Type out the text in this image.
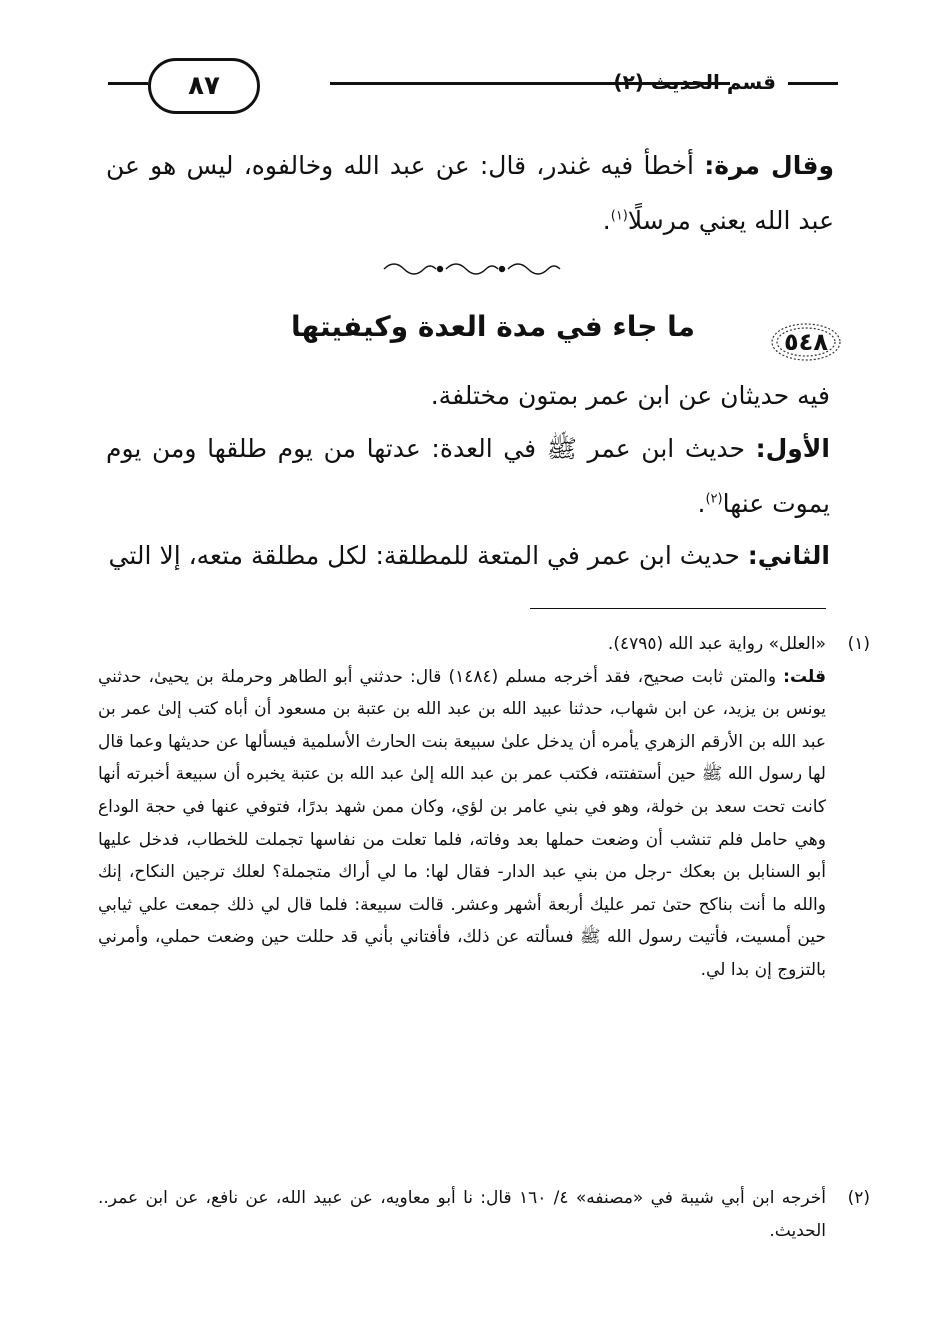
٨٧	قسم الحديث (٢)
وقال مرة: أخطأ فيه غندر، قال: عن عبد الله وخالفوه، ليس هو عن عبد الله يعني مرسلًا$^{(١)}$.
ما جاء في مدة العدة وكيفيتها	٥٤٨
فيه حديثان عن ابن عمر بمتون مختلفة.
الأول: حديث ابن عمر ﷺ في العدة: عدتها من يوم طلقها ومن يوم يموت عنها$^{(٢)}$.
الثاني: حديث ابن عمر في المتعة للمطلقة: لكل مطلقة متعه، إلا التي
(١)
«العلل» رواية عبد الله (٤٧٩٥).
قلت: والمتن ثابت صحيح، فقد أخرجه مسلم (١٤٨٤) قال: حدثني أبو الطاهر وحرملة بن يحيىٰ، حدثني يونس بن يزيد، عن ابن شهاب، حدثنا عبيد الله بن عبد الله بن عتبة بن مسعود أن أباه كتب إلىٰ عمر بن عبد الله بن الأرقم الزهري يأمره أن يدخل علىٰ سبيعة بنت الحارث الأسلمية فيسألها عن حديثها وعما قال لها رسول الله ﷺ حين أستفتته، فكتب عمر بن عبد الله إلىٰ عبد الله بن عتبة يخبره أن سبيعة أخبرته أنها كانت تحت سعد بن خولة، وهو في بني عامر بن لؤي، وكان ممن شهد بدرًا، فتوفي عنها في حجة الوداع وهي حامل فلم تنشب أن وضعت حملها بعد وفاته، فلما تعلت من نفاسها تجملت للخطاب، فدخل عليها أبو السنابل بن بعكك -رجل من بني عبد الدار- فقال لها: ما لي أراك متجملة؟ لعلك ترجين النكاح، إنك والله ما أنت بناكح حتىٰ تمر عليك أربعة أشهر وعشر. قالت سبيعة: فلما قال لي ذلك جمعت علي ثيابي حين أمسيت، فأتيت رسول الله ﷺ فسألته عن ذلك، فأفتاني بأني قد حللت حين وضعت حملي، وأمرني بالتزوج إن بدا لي.
(٢)
أخرجه ابن أبي شيبة في «مصنفه» ٤/ ١٦٠ قال: نا أبو معاويه، عن عبيد الله، عن نافع، عن ابن عمر.. الحديث.
